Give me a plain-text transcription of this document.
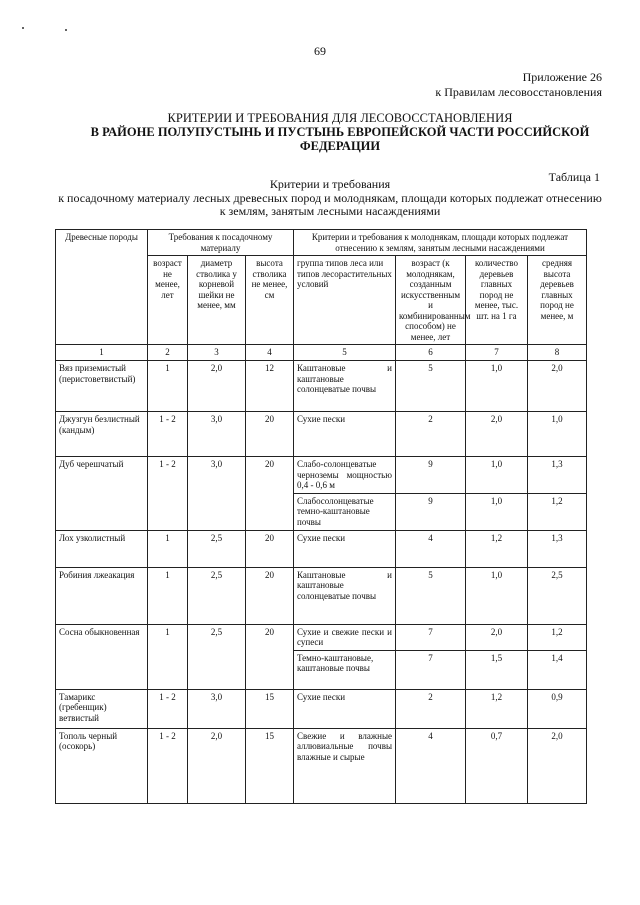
69
Приложение 26
к Правилам лесовосстановления
КРИТЕРИИ И ТРЕБОВАНИЯ ДЛЯ ЛЕСОВОССТАНОВЛЕНИЯ
В РАЙОНЕ ПОЛУПУСТЫНЬ И ПУСТЫНЬ ЕВРОПЕЙСКОЙ ЧАСТИ РОССИЙСКОЙ
ФЕДЕРАЦИИ
Таблица 1
Критерии и требования
к посадочному материалу лесных древесных пород и молоднякам, площади которых подлежат отнесению
к землям, занятым лесными насаждениями
Древесные породы	Требования к посадочному материалу			Критерии и требования к молоднякам, площади которых подлежат отнесению к землям, занятым лесными насаждениями			
	возраст не менее, лет	диаметр стволика у корневой шейки не менее, мм	высота стволика не менее, см	группа типов леса или типов лесорастительных условий	возраст (к молоднякам, созданным искусственным и комбинированным способом) не менее, лет	количество деревьев главных пород не менее, тыс. шт. на 1 га	средняя высота деревьев главных пород не менее, м
1	2	3	4	5	6	7	8
Вяз приземистый (перистоветвистый)	1	2,0	12	Каштановые и каштановые солонцеватые почвы	5	1,0	2,0
Джузгун безлистный (кандым)	1 - 2	3,0	20	Сухие пески	2	2,0	1,0
Дуб черешчатый	1 - 2	3,0	20	Слабо-солонцеватые черноземы мощностью 0,4 - 0,6 м	9	1,0	1,3
				Слабосолонцеватые темно-каштановые почвы	9	1,0	1,2
Лох узколистный	1	2,5	20	Сухие пески	4	1,2	1,3
Робиния лжеакация	1	2,5	20	Каштановые и каштановые солонцеватые почвы	5	1,0	2,5
Сосна обыкновенная	1	2,5	20	Сухие и свежие пески и супеси	7	2,0	1,2
				Темно-каштановые, каштановые почвы	7	1,5	1,4
Тамарикс (гребенщик) ветвистый	1 - 2	3,0	15	Сухие пески	2	1,2	0,9
Тополь черный (осокорь)	1 - 2	2,0	15	Свежие и влажные аллювиальные почвы влажные и сырые	4	0,7	2,0
